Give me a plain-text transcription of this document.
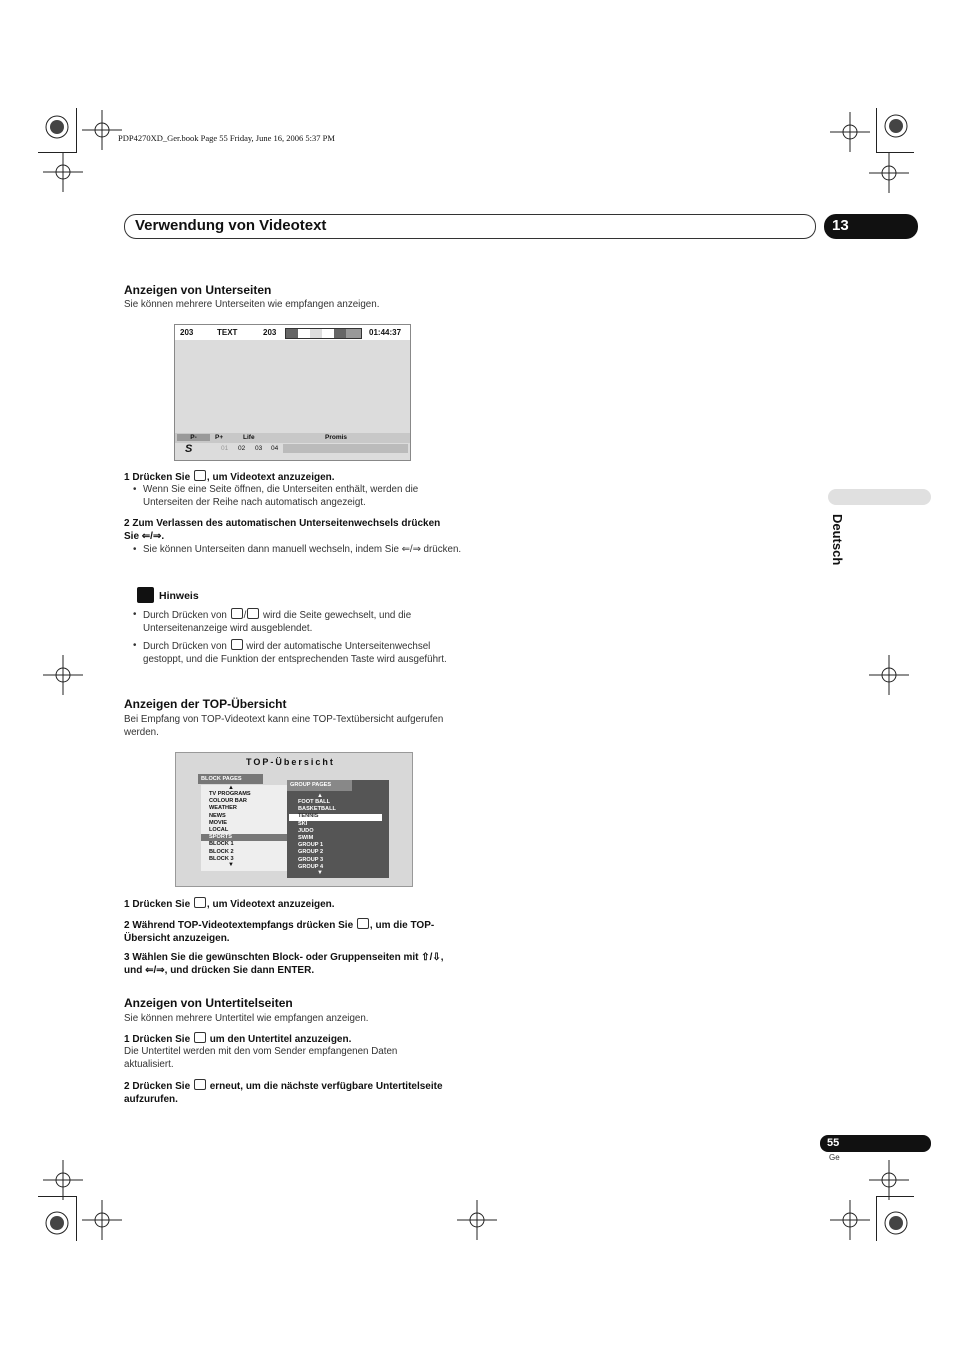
PDP4270XD_Ger.book Page 55 Friday, June 16, 2006 5:37 PM
Verwendung von Videotext	13
Deutsch
Anzeigen von Unterseiten
Sie können mehrere Unterseiten wie empfangen anzeigen.
203	TEXT	203	01:44:37
P-	P+	Life	Promis
S	01 02 03 04
1 Drücken Sie , um Videotext anzuzeigen.
• Wenn Sie eine Seite öffnen, die Unterseiten enthält, werden die Unterseiten der Reihe nach automatisch angezeigt.
2 Zum Verlassen des automatischen Unterseitenwechsels drücken Sie ⇐/⇒.
• Sie können Unterseiten dann manuell wechseln, indem Sie ⇐/⇒ drücken.
Hinweis
• Durch Drücken von / wird die Seite gewechselt, und die Unterseitenanzeige wird ausgeblendet.
• Durch Drücken von  wird der automatische Unterseitenwechsel gestoppt, und die Funktion der entsprechenden Taste wird ausgeführt.
Anzeigen der TOP-Übersicht
Bei Empfang von TOP-Videotext kann eine TOP-Textübersicht aufgerufen werden.
TOP-Übersicht
BLOCK PAGES
▲
TV PROGRAMS
COLOUR BAR
WEATHER
NEWS
MOVIE
LOCAL
SPORTS
BLOCK 1
BLOCK 2
BLOCK 3
▼
GROUP PAGES
▲
FOOT BALL
BASKETBALL
TENNIS
SKI
JUDO
SWIM
GROUP 1
GROUP 2
GROUP 3
GROUP 4
▼
1 Drücken Sie , um Videotext anzuzeigen.
2 Während TOP-Videotextempfangs drücken Sie , um die TOP-Übersicht anzuzeigen.
3 Wählen Sie die gewünschten Block- oder Gruppenseiten mit ⇧/⇩, und ⇐/⇒, und drücken Sie dann ENTER.
Anzeigen von Untertitelseiten
Sie können mehrere Untertitel wie empfangen anzeigen.
1 Drücken Sie  um den Untertitel anzuzeigen.
Die Untertitel werden mit den vom Sender empfangenen Daten aktualisiert.
2 Drücken Sie  erneut, um die nächste verfügbare Untertitelseite aufzurufen.
55
Ge
